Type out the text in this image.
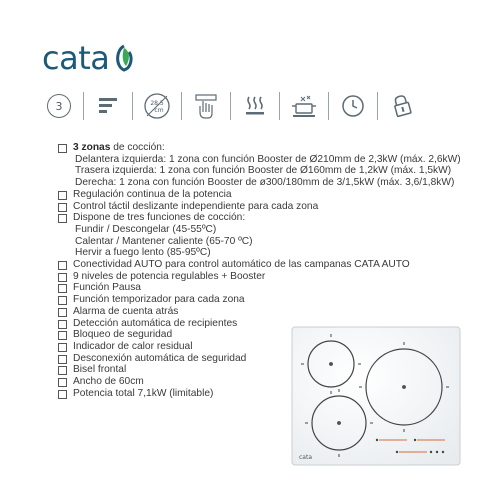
cata
3	28,5
cm
3 zonas de cocción:
Delantera izquierda: 1 zona con función Booster de Ø210mm de 2,3kW (máx. 2,6kW)
Trasera izquierda: 1 zona con función Booster de Ø160mm de 1,2kW (máx. 1,5kW)
Derecha: 1 zona con función Booster de ø300/180mm de 3/1,5kW (máx. 3,6/1,8kW)
Regulación continua de la potencia
Control táctil deslizante independiente para cada zona
Dispone de tres funciones de cocción:
Fundir / Descongelar (45-55ºC)
Calentar / Mantener caliente (65-70 ºC)
Hervir a fuego lento (85-95ºC)
Conectividad AUTO para control automático de las campanas CATA AUTO
9 niveles de potencia regulables + Booster
Función Pausa
Función temporizador para cada zona
Alarma de cuenta atrás
Detección automática de recipientes
Bloqueo de seguridad
Indicador de calor residual
Desconexión automática de seguridad
Bisel frontal
Ancho de 60cm
Potencia total 7,1kW (limitable)
cata
